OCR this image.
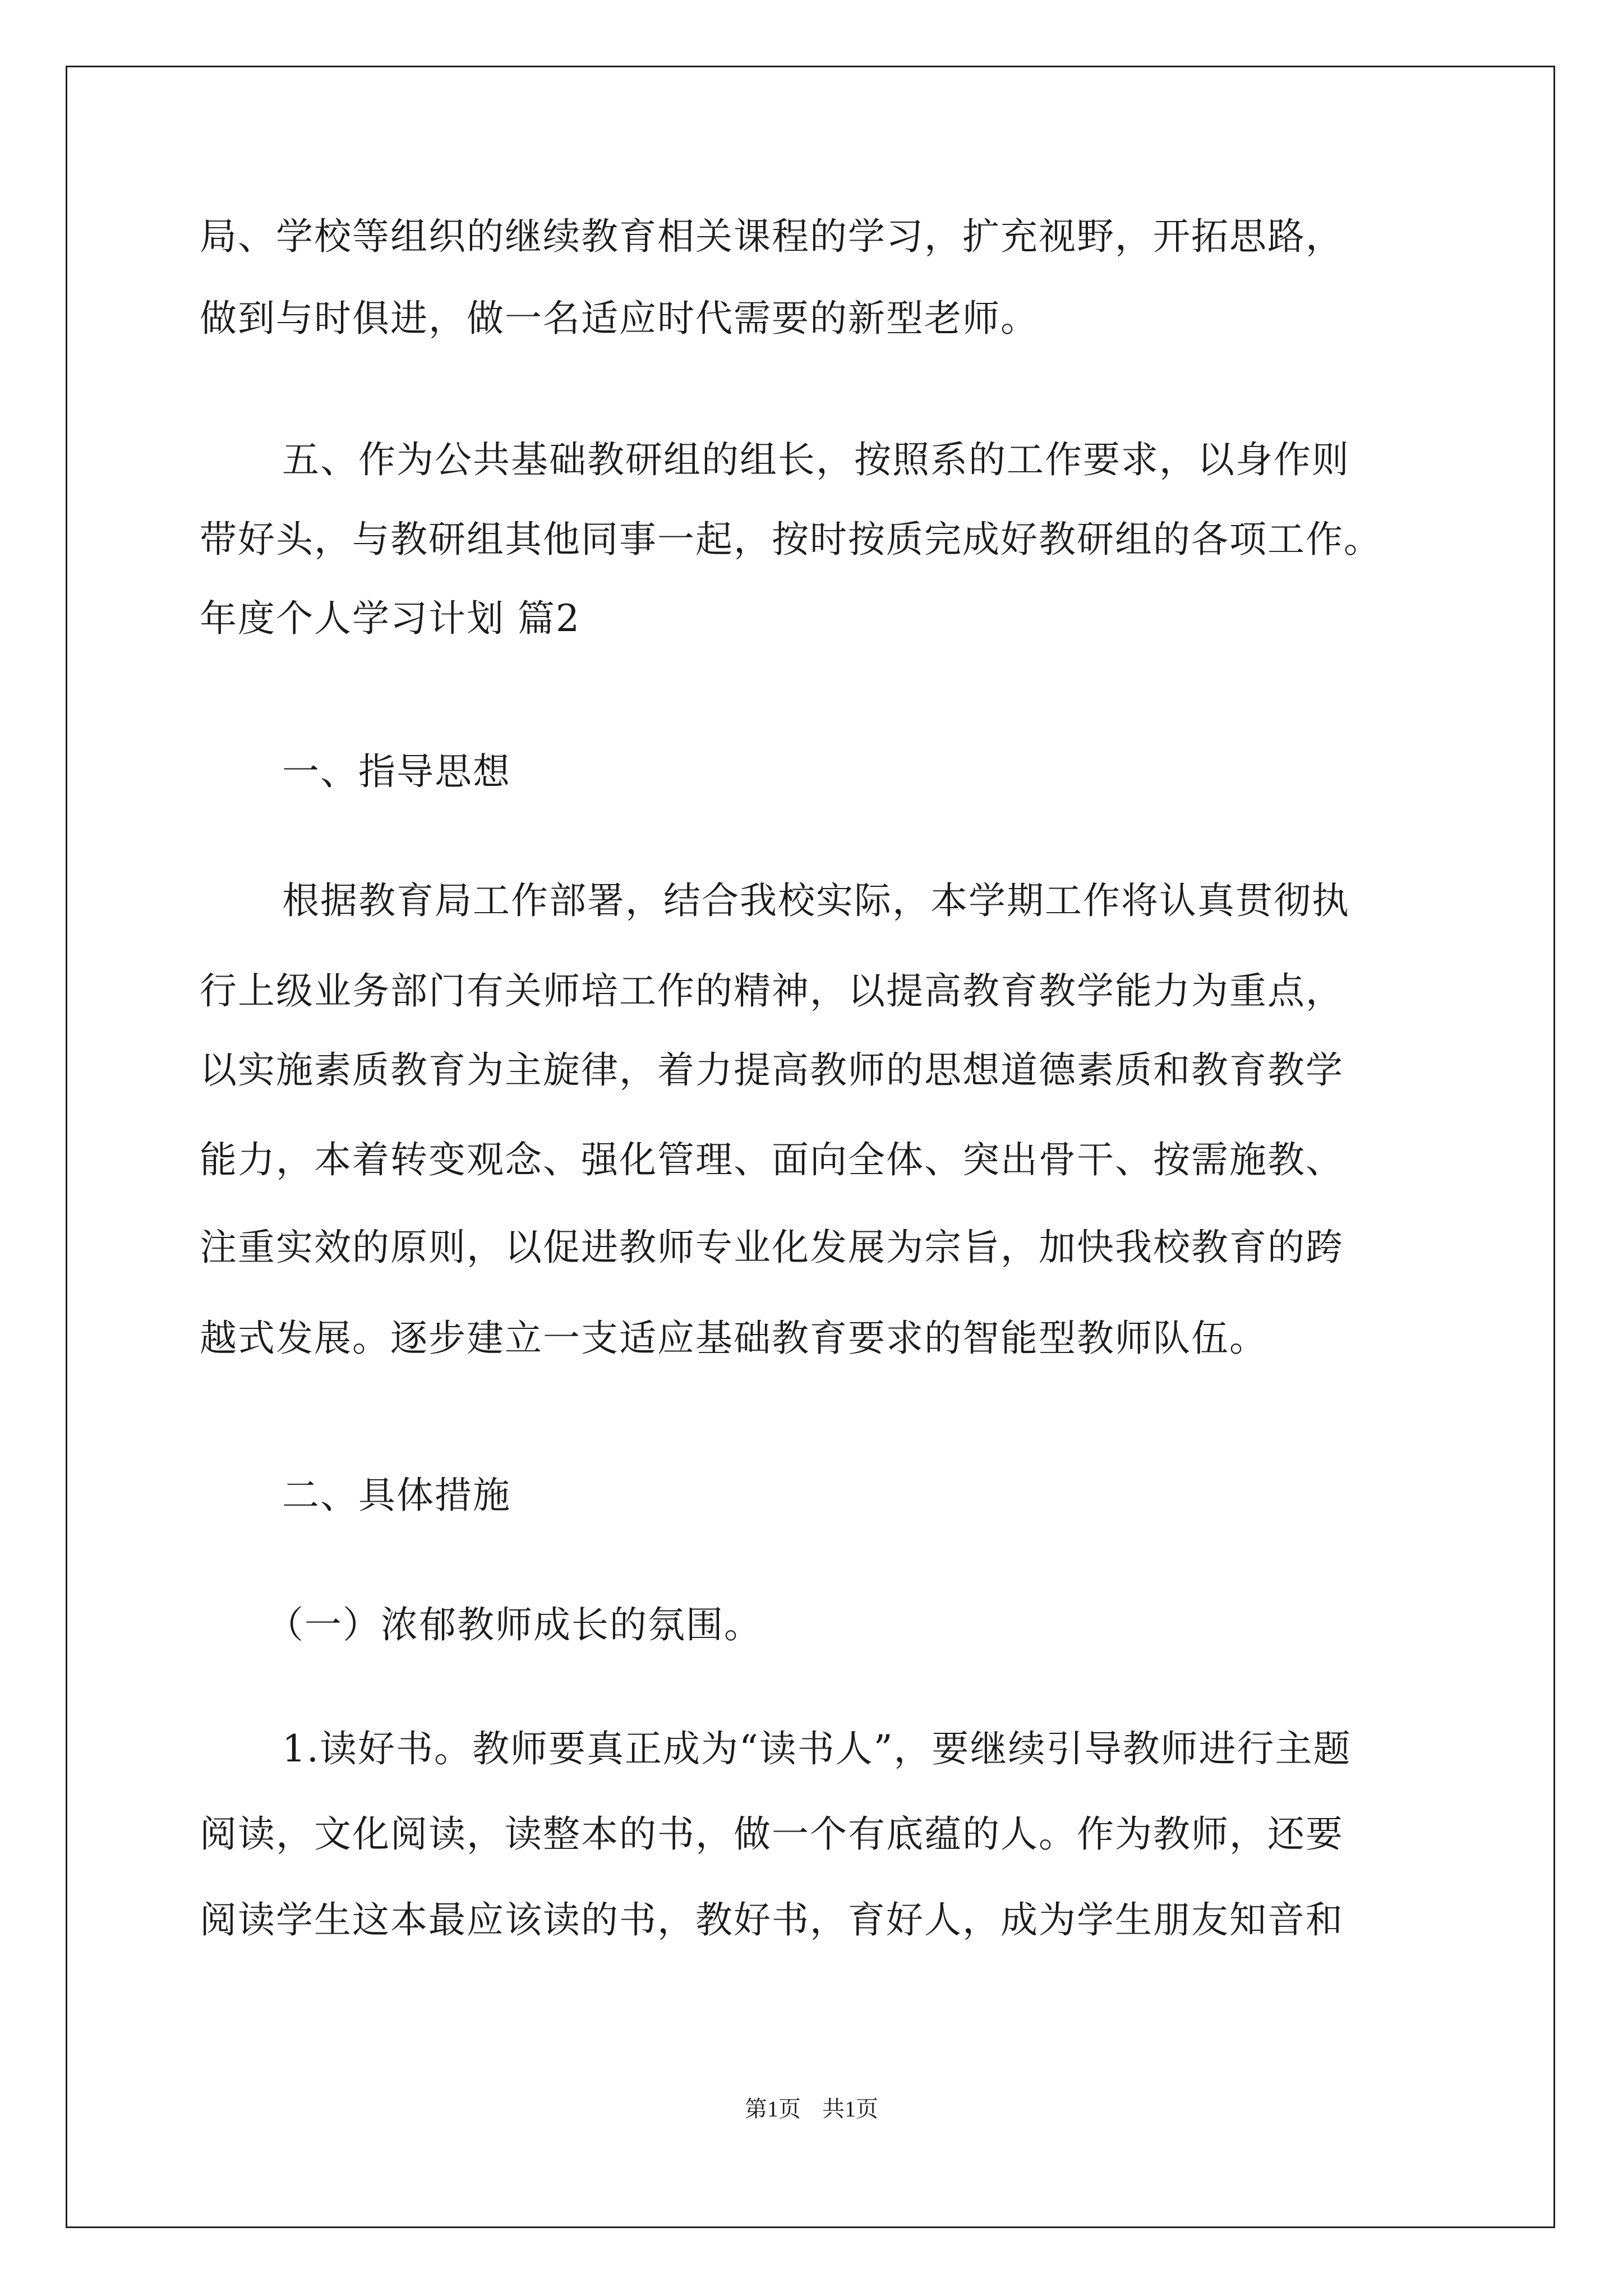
局、学校等组织的继续教育相关课程的学习，扩充视野，开拓思路，
做到与时俱进，做一名适应时代需要的新型老师。
五、作为公共基础教研组的组长，按照系的工作要求，以身作则
带好头，与教研组其他同事一起，按时按质完成好教研组的各项工作。
年度个人学习计划 篇2
一、指导思想
根据教育局工作部署，结合我校实际，本学期工作将认真贯彻执
行上级业务部门有关师培工作的精神，以提高教育教学能力为重点，
以实施素质教育为主旋律，着力提高教师的思想道德素质和教育教学
能力，本着转变观念、强化管理、面向全体、突出骨干、按需施教、
注重实效的原则，以促进教师专业化发展为宗旨，加快我校教育的跨
越式发展。逐步建立一支适应基础教育要求的智能型教师队伍。
二、具体措施
（一）浓郁教师成长的氛围。
1.读好书。教师要真正成为“读书人”，要继续引导教师进行主题
阅读，文化阅读，读整本的书，做一个有底蕴的人。作为教师，还要
阅读学生这本最应该读的书，教好书，育好人，成为学生朋友知音和
第1页 共1页
